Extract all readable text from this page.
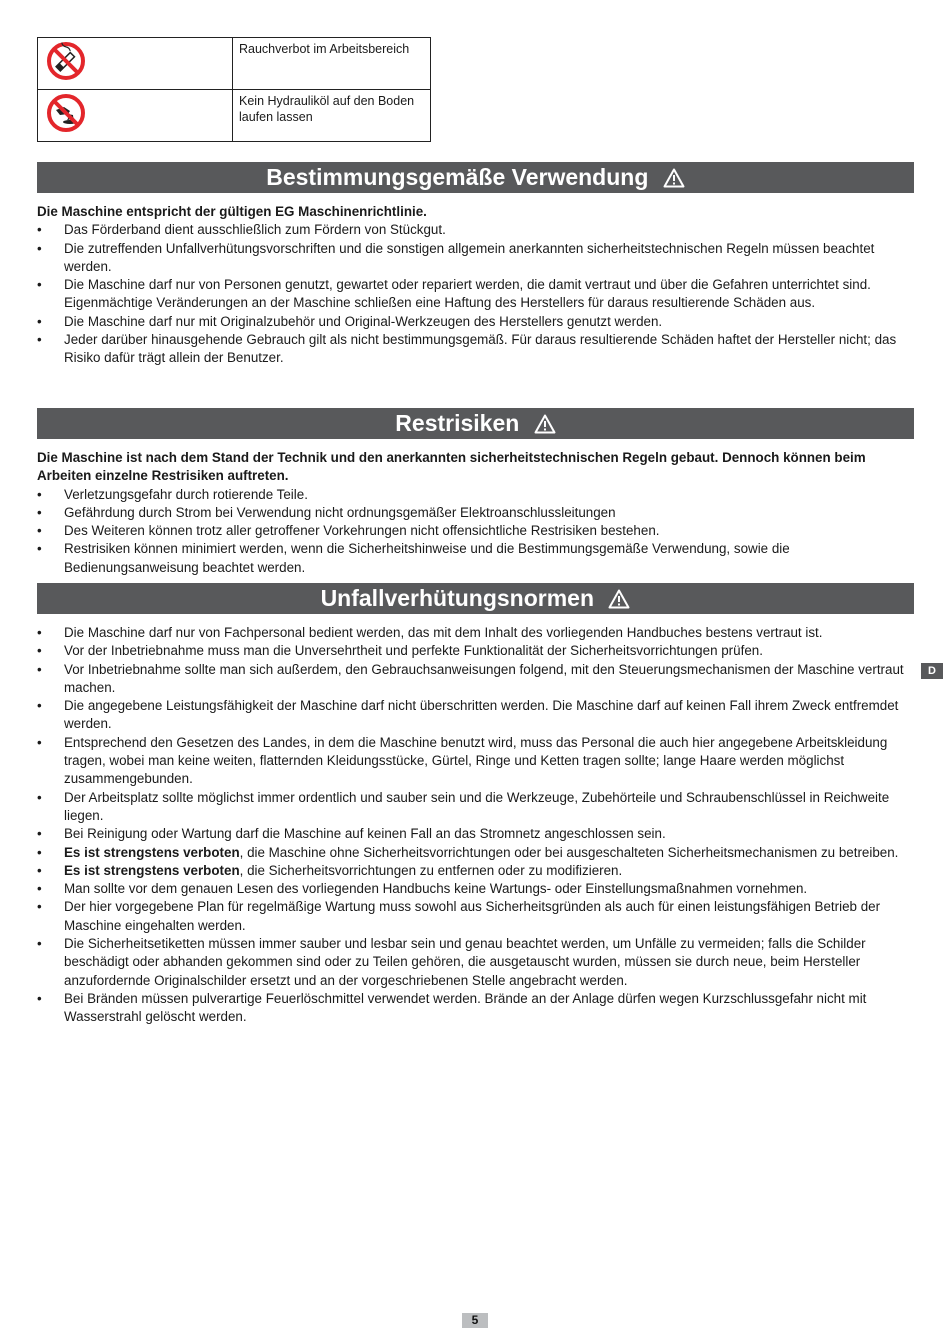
	Rauchverbot im Arbeitsbereich
	Kein Hydrauliköl auf den Boden laufen lassen
Bestimmungsgemäße Verwendung

Die Maschine entspricht der gültigen EG Maschinenrichtlinie.

• Das Förderband dient ausschließlich zum Fördern von Stückgut.
• Die zutreffenden Unfallverhütungsvorschriften und die sonstigen allgemein anerkannten sicherheitstechnischen Regeln müssen beachtet werden.
• Die Maschine darf nur von Personen genutzt, gewartet oder repariert werden, die damit vertraut und über die Gefahren unterrichtet sind. Eigenmächtige Veränderungen an der Maschine schließen eine Haftung des Herstellers für daraus resultierende Schäden aus.
• Die Maschine darf nur mit Originalzubehör und Original-Werkzeugen des Herstellers genutzt werden.
• Jeder darüber hinausgehende Gebrauch gilt als nicht bestimmungsgemäß. Für daraus resultierende Schäden haftet der Hersteller nicht; das Risiko dafür trägt allein der Benutzer.
Restrisiken

Die Maschine ist nach dem Stand der Technik und den anerkannten sicherheitstechnischen Regeln gebaut. Dennoch können beim Arbeiten einzelne Restrisiken auftreten.

• Verletzungsgefahr durch rotierende Teile.
• Gefährdung durch Strom bei Verwendung nicht ordnungsgemäßer Elektroanschlussleitungen
• Des Weiteren können trotz aller getroffener Vorkehrungen nicht offensichtliche Restrisiken bestehen.
• Restrisiken können minimiert werden, wenn die Sicherheitshinweise und die Bestimmungsgemäße Verwendung, sowie die Bedienungsanweisung beachtet werden.
Unfallverhütungsnormen
• Die Maschine darf nur von Fachpersonal bedient werden, das mit dem Inhalt des vorliegenden Handbuches bestens vertraut ist.
• Vor der Inbetriebnahme muss man die Unversehrtheit und perfekte Funktionalität der Sicherheitsvorrichtungen prüfen.
• Vor Inbetriebnahme sollte man sich außerdem, den Gebrauchsanweisungen folgend, mit den Steuerungsmechanismen der Maschine vertraut machen.
• Die angegebene Leistungsfähigkeit der Maschine darf nicht überschritten werden. Die Maschine darf auf keinen Fall ihrem Zweck entfremdet werden.
• Entsprechend den Gesetzen des Landes, in dem die Maschine benutzt wird, muss das Personal die auch hier angegebene Arbeitskleidung tragen, wobei man keine weiten, flatternden Kleidungsstücke, Gürtel, Ringe und Ketten tragen sollte; lange Haare werden möglichst zusammengebunden.
• Der Arbeitsplatz sollte möglichst immer ordentlich und sauber sein und die Werkzeuge, Zubehörteile und Schraubenschlüssel in Reichweite liegen.
• Bei Reinigung oder Wartung darf die Maschine auf keinen Fall an das Stromnetz angeschlossen sein.
• Es ist strengstens verboten, die Maschine ohne Sicherheitsvorrichtungen oder bei ausgeschalteten Sicherheitsmechanismen zu betreiben.
• Es ist strengstens verboten, die Sicherheitsvorrichtungen zu entfernen oder zu modifizieren.
• Man sollte vor dem genauen Lesen des vorliegenden Handbuchs keine Wartungs- oder Einstellungsmaßnahmen vornehmen.
• Der hier vorgegebene Plan für regelmäßige Wartung muss sowohl aus Sicherheitsgründen als auch für einen leistungsfähigen Betrieb der Maschine eingehalten werden.
• Die Sicherheitsetiketten müssen immer sauber und lesbar sein und genau beachtet werden, um Unfälle zu vermeiden; falls die Schilder beschädigt oder abhanden gekommen sind oder zu Teilen gehören, die ausgetauscht wurden, müssen sie durch neue, beim Hersteller anzufordernde Originalschilder ersetzt und an der vorgeschriebenen Stelle angebracht werden.
• Bei Bränden müssen pulverartige Feuerlöschmittel verwendet werden. Brände an der Anlage dürfen wegen Kurzschlussgefahr nicht mit Wasserstrahl gelöscht werden.
D
5
